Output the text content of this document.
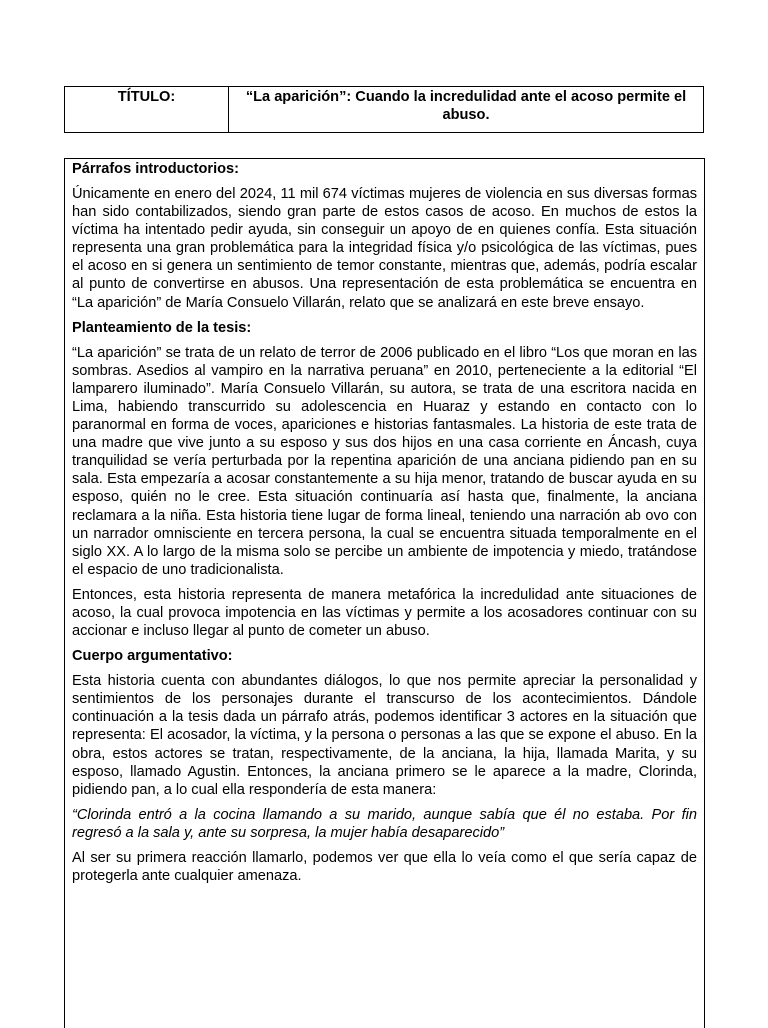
TÍTULO:	“La aparición”: Cuando la incredulidad ante el acoso permite el abuso.
Párrafos introductorios:

Únicamente en enero del 2024, 11 mil 674 víctimas mujeres de violencia en sus diversas formas han sido contabilizados, siendo gran parte de estos casos de acoso. En muchos de estos la víctima ha intentado pedir ayuda, sin conseguir un apoyo de en quienes confía. Esta situación representa una gran problemática para la integridad física y/o psicológica de las víctimas, pues el acoso en si genera un sentimiento de temor constante, mientras que, además, podría escalar al punto de convertirse en abusos. Una representación de esta problemática se encuentra en “La aparición” de María Consuelo Villarán, relato que se analizará en este breve ensayo.

Planteamiento de la tesis:

“La aparición” se trata de un relato de terror de 2006 publicado en el libro “Los que moran en las sombras. Asedios al vampiro en la narrativa peruana” en 2010, perteneciente a la editorial “El lamparero iluminado”. María Consuelo Villarán, su autora, se trata de una escritora nacida en Lima, habiendo transcurrido su adolescencia en Huaraz y estando en contacto con lo paranormal en forma de voces, apariciones e historias fantasmales. La historia de este trata de una madre que vive junto a su esposo y sus dos hijos en una casa corriente en Áncash, cuya tranquilidad se vería perturbada por la repentina aparición de una anciana pidiendo pan en su sala. Esta empezaría a acosar constantemente a su hija menor, tratando de buscar ayuda en su esposo, quién no le cree. Esta situación continuaría así hasta que, finalmente, la anciana reclamara a la niña. Esta historia tiene lugar de forma lineal, teniendo una narración ab ovo con un narrador omnisciente en tercera persona, la cual se encuentra situada temporalmente en el siglo XX. A lo largo de la misma solo se percibe un ambiente de impotencia y miedo, tratándose el espacio de uno tradicionalista.

Entonces, esta historia representa de manera metafórica la incredulidad ante situaciones de acoso, la cual provoca impotencia en las víctimas y permite a los acosadores continuar con su accionar e incluso llegar al punto de cometer un abuso.

Cuerpo argumentativo:

Esta historia cuenta con abundantes diálogos, lo que nos permite apreciar la personalidad y sentimientos de los personajes durante el transcurso de los acontecimientos. Dándole continuación a la tesis dada un párrafo atrás, podemos identificar 3 actores en la situación que representa: El acosador, la víctima, y la persona o personas a las que se expone el abuso. En la obra, estos actores se tratan, respectivamente, de la anciana, la hija, llamada Marita, y su esposo, llamado Agustin. Entonces, la anciana primero se le aparece a la madre, Clorinda, pidiendo pan, a lo cual ella respondería de esta manera:

“Clorinda entró a la cocina llamando a su marido, aunque sabía que él no estaba. Por fin regresó a la sala y, ante su sorpresa, la mujer había desaparecido”

Al ser su primera reacción llamarlo, podemos ver que ella lo veía como el que sería capaz de protegerla ante cualquier amenaza.
